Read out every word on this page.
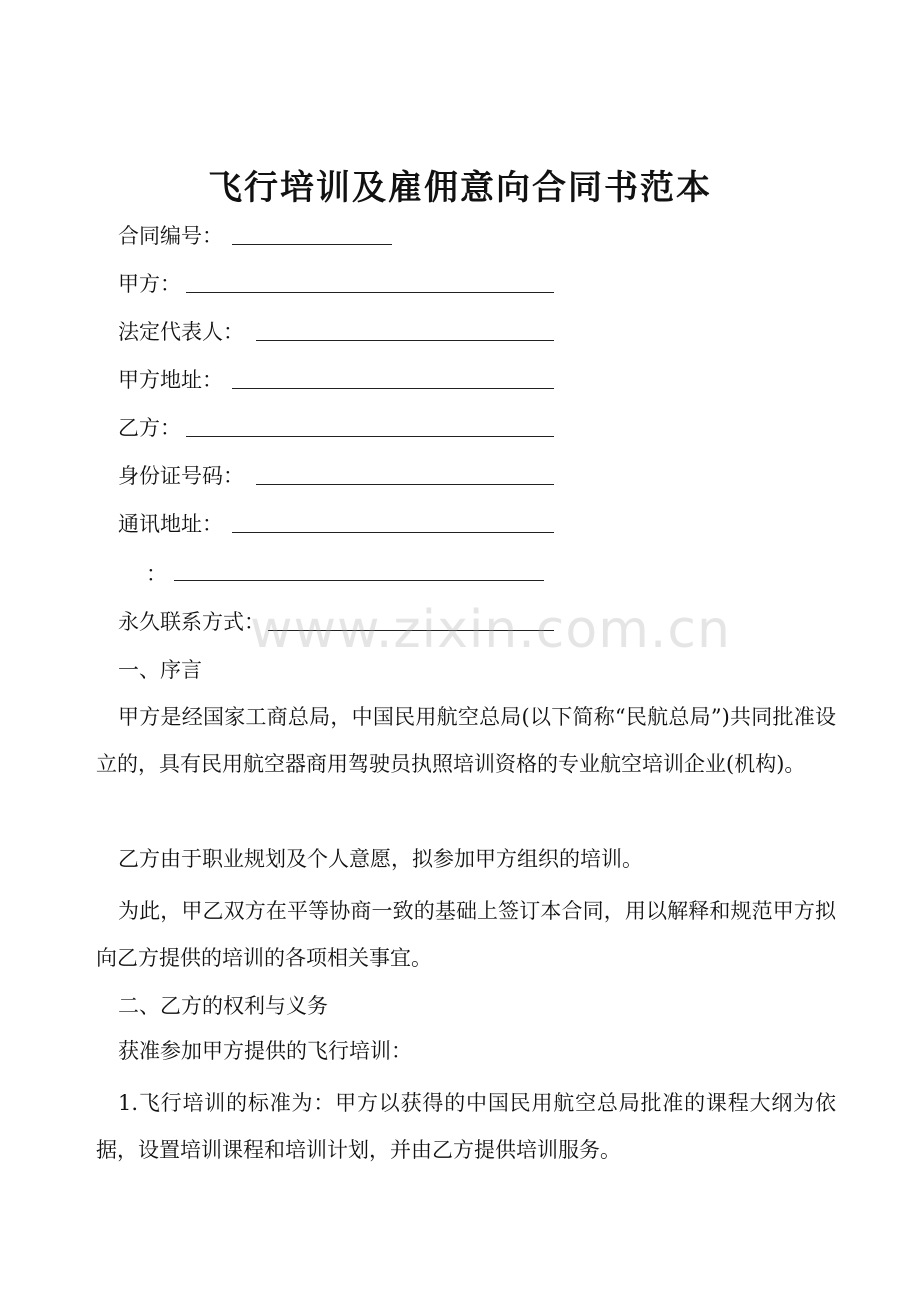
飞行培训及雇佣意向合同书范本
合同编号：
甲方：
法定代表人：
甲方地址：
乙方：
身份证号码：
通讯地址：
：
永久联系方式：
一、序言
甲方是经国家工商总局，中国民用航空总局(以下简称“民航总局”)共同批准设立的，具有民用航空器商用驾驶员执照培训资格的专业航空培训企业(机构)。
乙方由于职业规划及个人意愿，拟参加甲方组织的培训。
为此，甲乙双方在平等协商一致的基础上签订本合同，用以解释和规范甲方拟向乙方提供的培训的各项相关事宜。
二、乙方的权利与义务
获准参加甲方提供的飞行培训：
1.飞行培训的标准为：甲方以获得的中国民用航空总局批准的课程大纲为依据，设置培训课程和培训计划，并由乙方提供培训服务。
www.zixin.com.cn
